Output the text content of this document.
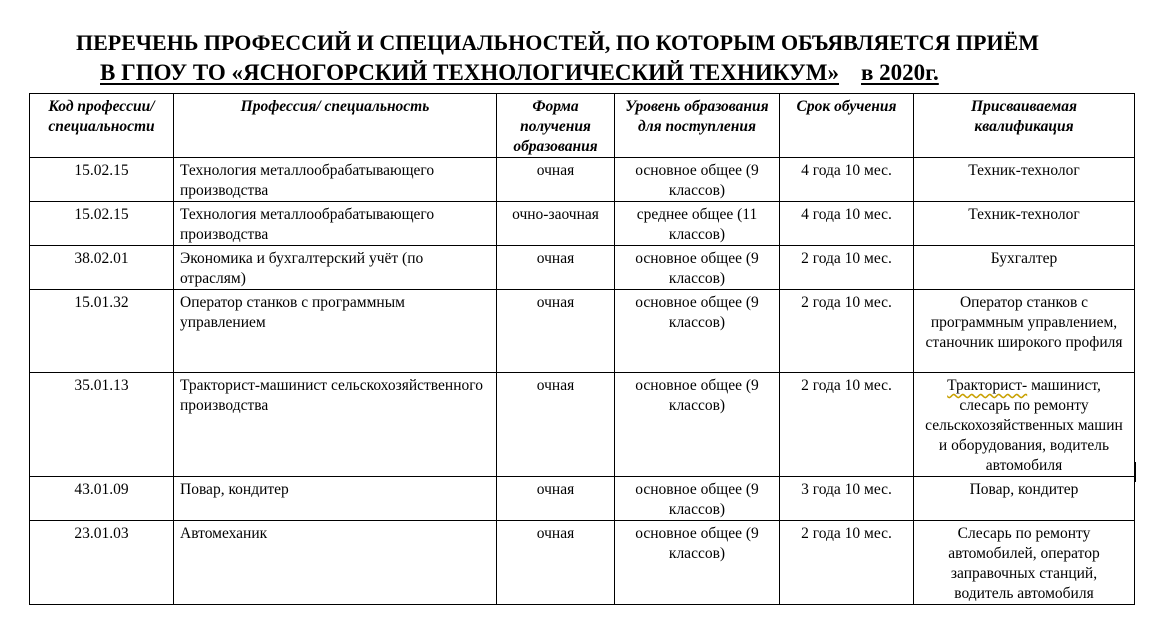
ПЕРЕЧЕНЬ ПРОФЕССИЙ И СПЕЦИАЛЬНОСТЕЙ, ПО КОТОРЫМ ОБЪЯВЛЯЕТСЯ ПРИЁМ
В ГПОУ ТО «ЯСНОГОРСКИЙ ТЕХНОЛОГИЧЕСКИЙ ТЕХНИКУМ» в 2020г.
Код профессии/ специальности	Профессия/ специальность	Форма получения образования	Уровень образования для поступления	Срок обучения	Присваиваемая квалификация
15.02.15	Технология металлообрабатывающего производства	очная	основное общее (9 классов)	4 года 10 мес.	Техник-технолог
15.02.15	Технология металлообрабатывающего производства	очно-заочная	среднее общее (11 классов)	4 года 10 мес.	Техник-технолог
38.02.01	Экономика и бухгалтерский учёт (по отраслям)	очная	основное общее (9 классов)	2 года 10 мес.	Бухгалтер
15.01.32	Оператор станков с программным управлением	очная	основное общее (9 классов)	2 года 10 мес.	Оператор станков с программным управлением, станочник широкого профиля
35.01.13	Тракторист-машинист сельскохозяйственного производства	очная	основное общее (9 классов)	2 года 10 мес.	Тракторист- машинист, слесарь по ремонту сельскохозяйственных машин и оборудования, водитель автомобиля
43.01.09	Повар, кондитер	очная	основное общее (9 классов)	3 года 10 мес.	Повар, кондитер
23.01.03	Автомеханик	очная	основное общее (9 классов)	2 года 10 мес.	Слесарь по ремонту автомобилей, оператор заправочных станций, водитель автомобиля
